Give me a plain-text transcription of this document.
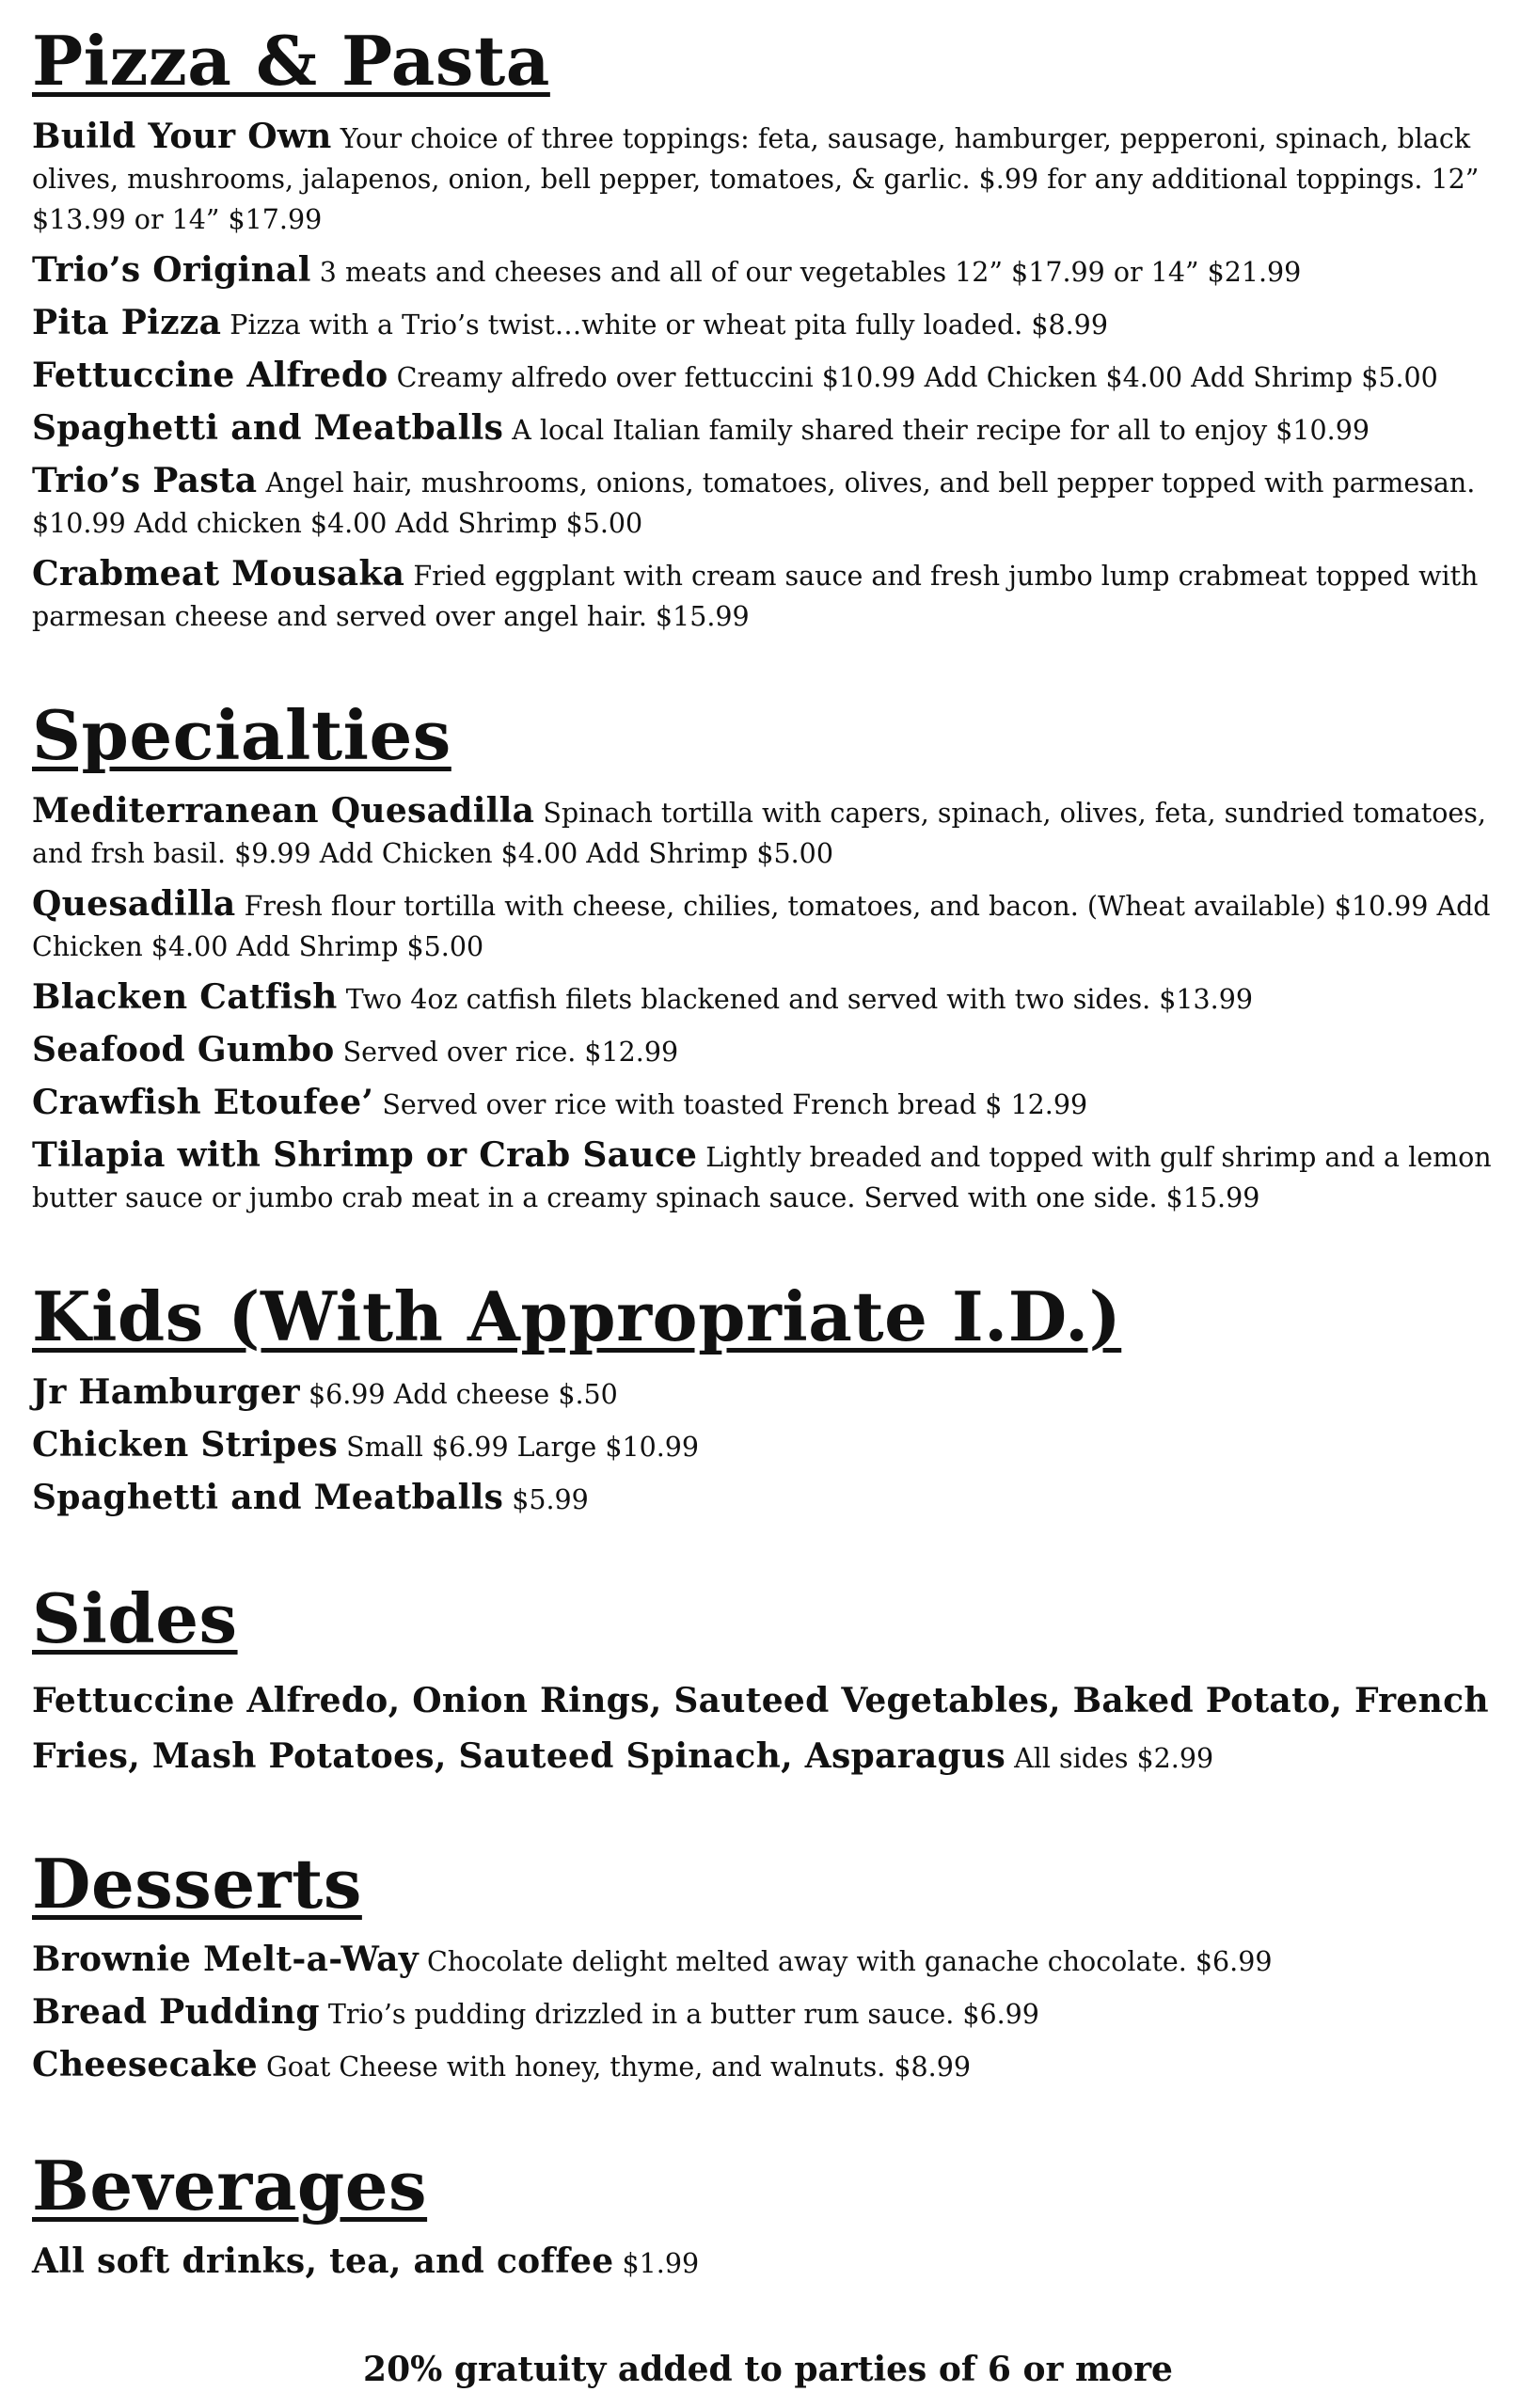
Pizza & Pasta
Build Your Own Your choice of three toppings: feta, sausage, hamburger, pepperoni, spinach, black olives, mushrooms, jalapenos, onion, bell pepper, tomatoes, & garlic. $.99 for any additional toppings. 12” $13.99 or 14” $17.99
Trio’s Original 3 meats and cheeses and all of our vegetables 12” $17.99 or 14” $21.99
Pita Pizza Pizza with a Trio’s twist…white or wheat pita fully loaded. $8.99
Fettuccine Alfredo Creamy alfredo over fettuccini $10.99 Add Chicken $4.00 Add Shrimp $5.00
Spaghetti and Meatballs A local Italian family shared their recipe for all to enjoy $10.99
Trio’s Pasta Angel hair, mushrooms, onions, tomatoes, olives, and bell pepper topped with parmesan. $10.99 Add chicken $4.00 Add Shrimp $5.00
Crabmeat Mousaka Fried eggplant with cream sauce and fresh jumbo lump crabmeat topped with parmesan cheese and served over angel hair. $15.99
Specialties
Mediterranean Quesadilla Spinach tortilla with capers, spinach, olives, feta, sundried tomatoes, and frsh basil. $9.99 Add Chicken $4.00 Add Shrimp $5.00
Quesadilla Fresh flour tortilla with cheese, chilies, tomatoes, and bacon. (Wheat available) $10.99 Add Chicken $4.00 Add Shrimp $5.00
Blacken Catfish Two 4oz catfish filets blackened and served with two sides. $13.99
Seafood Gumbo Served over rice. $12.99
Crawfish Etoufee’ Served over rice with toasted French bread $ 12.99
Tilapia with Shrimp or Crab Sauce Lightly breaded and topped with gulf shrimp and a lemon butter sauce or jumbo crab meat in a creamy spinach sauce. Served with one side. $15.99
Kids (With Appropriate I.D.)
Jr Hamburger $6.99 Add cheese $.50
Chicken Stripes Small $6.99 Large $10.99
Spaghetti and Meatballs $5.99
Sides
Fettuccine Alfredo, Onion Rings, Sauteed Vegetables, Baked Potato, French Fries, Mash Potatoes, Sauteed Spinach, Asparagus All sides $2.99
Desserts
Brownie Melt-a-Way Chocolate delight melted away with ganache chocolate. $6.99
Bread Pudding Trio’s pudding drizzled in a butter rum sauce. $6.99
Cheesecake Goat Cheese with honey, thyme, and walnuts. $8.99
Beverages
All soft drinks, tea, and coffee $1.99
20% gratuity added to parties of 6 or more
